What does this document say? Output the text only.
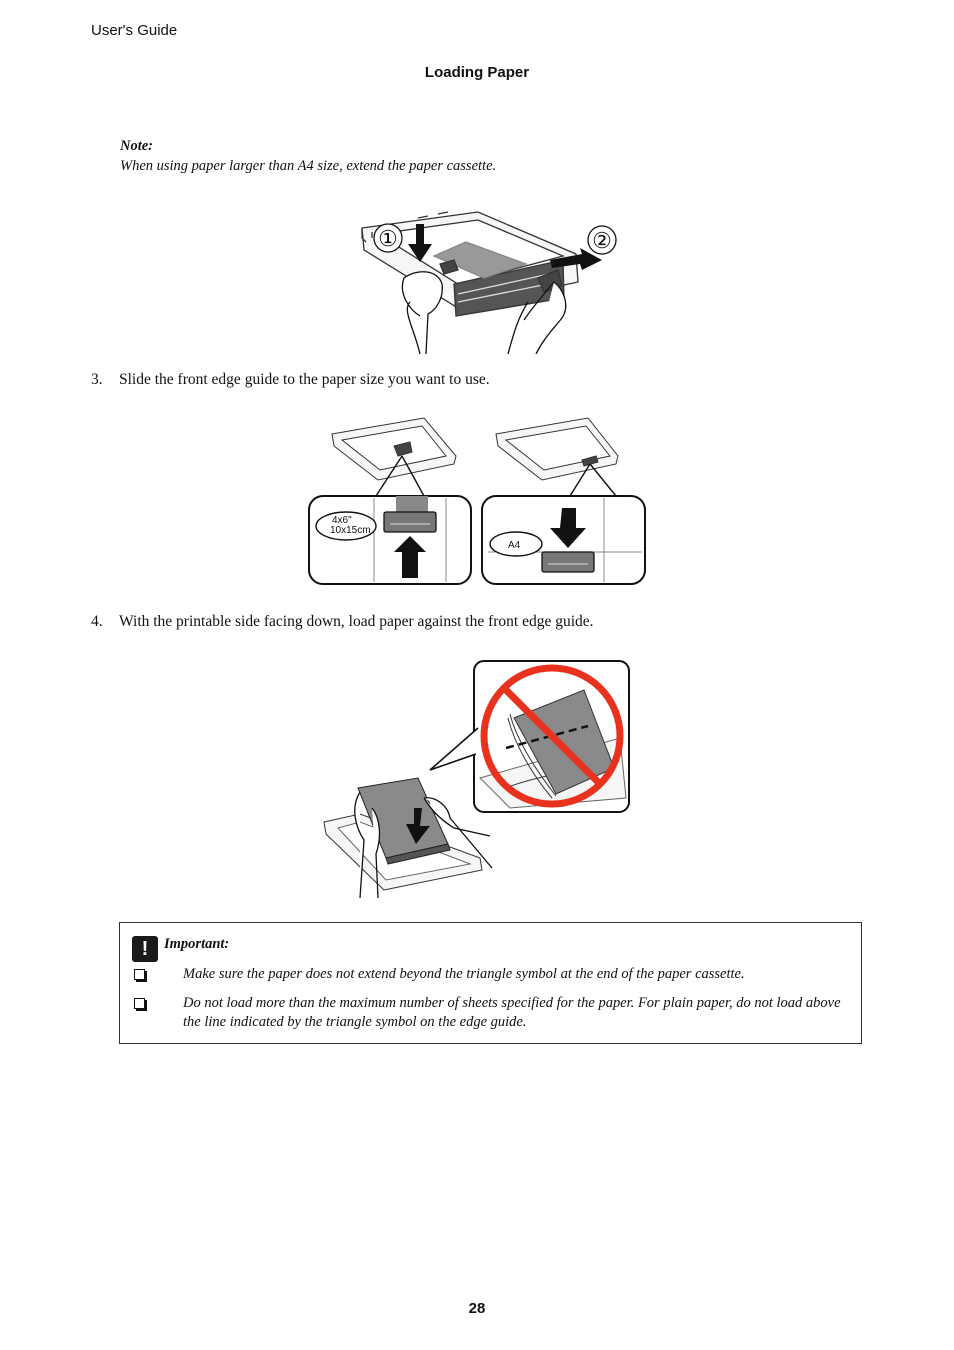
User's Guide
Loading Paper
Note:
When using paper larger than A4 size, extend the paper cassette.
①	②
3. Slide the front edge guide to the paper size you want to use.
4x6"
10x15cm
A4
4. With the printable side facing down, load paper against the front edge guide.
!	Important:
Make sure the paper does not extend beyond the triangle symbol at the end of the paper cassette.
Do not load more than the maximum number of sheets specified for the paper. For plain paper, do not load above the line indicated by the triangle symbol on the edge guide.
28
